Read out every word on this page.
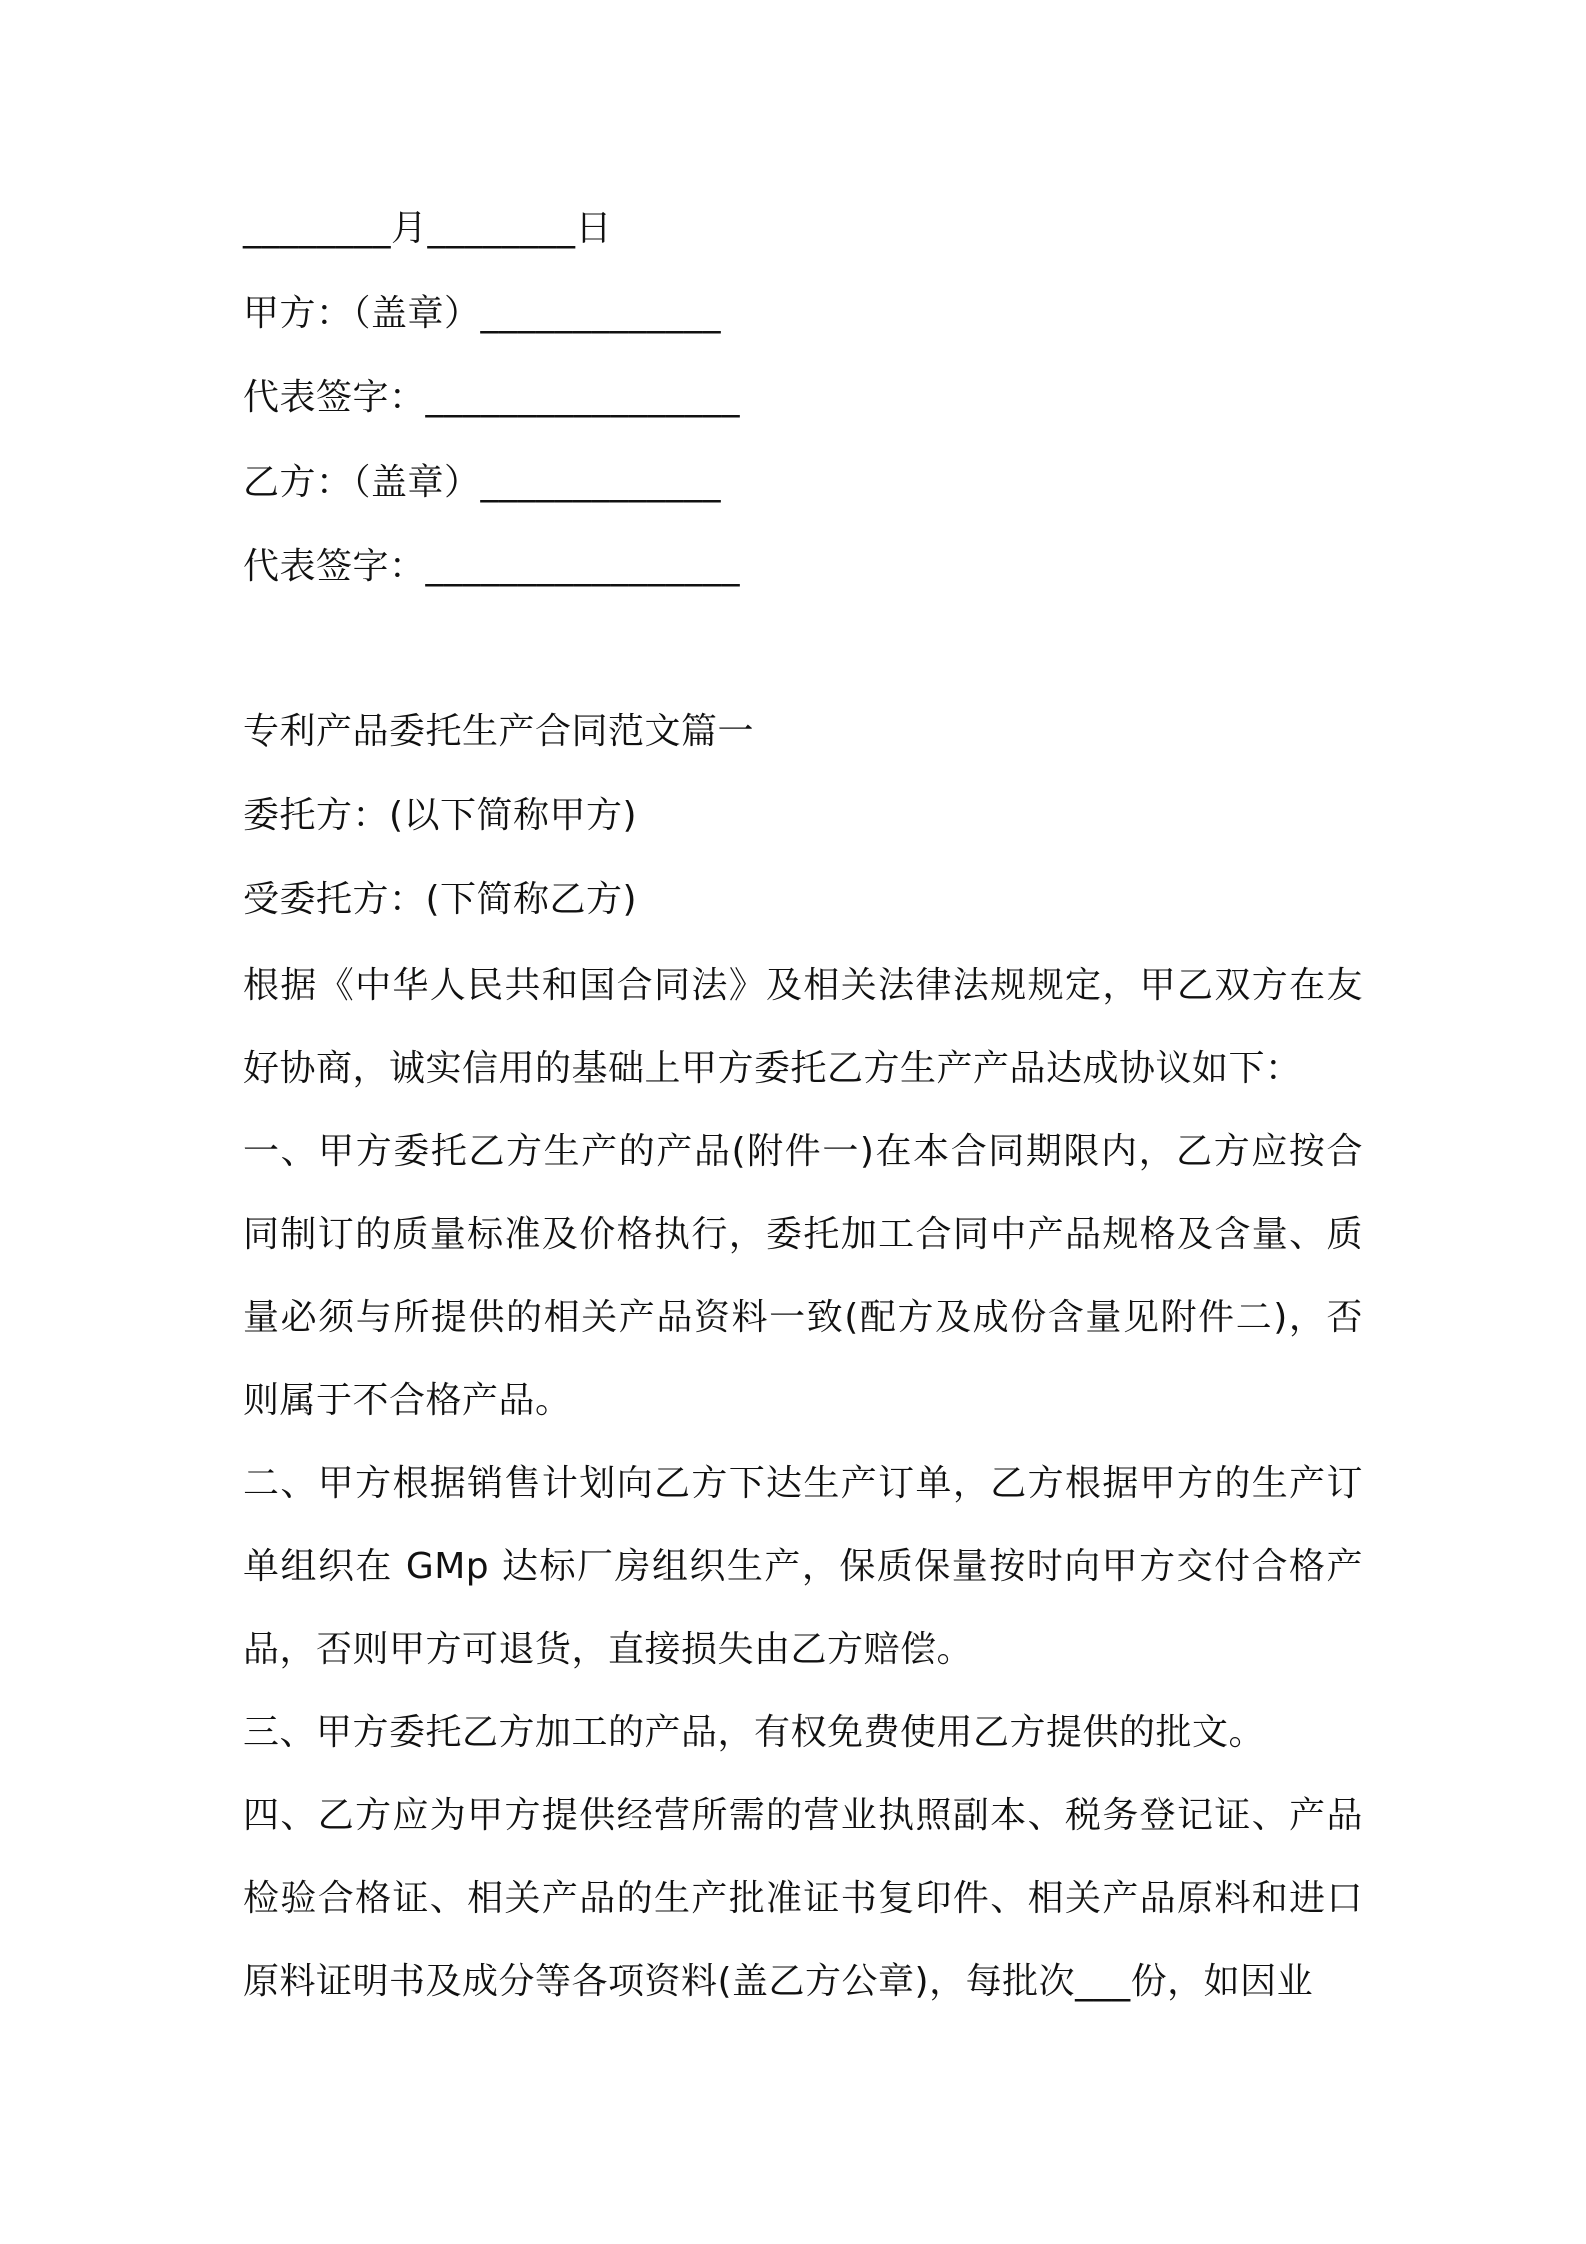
________月________日
甲方：（盖章）_____________
代表签字：_________________
乙方：（盖章）_____________
代表签字：_________________
专利产品委托生产合同范文篇一
委托方：(以下简称甲方)
受委托方：(下简称乙方)
根据《中华人民共和国合同法》及相关法律法规规定，甲乙双方在友好协商，诚实信用的基础上甲方委托乙方生产产品达成协议如下：
一、甲方委托乙方生产的产品(附件一)在本合同期限内，乙方应按合同制订的质量标准及价格执行，委托加工合同中产品规格及含量、质量必须与所提供的相关产品资料一致(配方及成份含量见附件二)，否则属于不合格产品。
二、甲方根据销售计划向乙方下达生产订单，乙方根据甲方的生产订单组织在 GMp 达标厂房组织生产，保质保量按时向甲方交付合格产品，否则甲方可退货，直接损失由乙方赔偿。
三、甲方委托乙方加工的产品，有权免费使用乙方提供的批文。
四、乙方应为甲方提供经营所需的营业执照副本、税务登记证、产品检验合格证、相关产品的生产批准证书复印件、相关产品原料和进口原料证明书及成分等各项资料(盖乙方公章)，每批次___份，如因业
